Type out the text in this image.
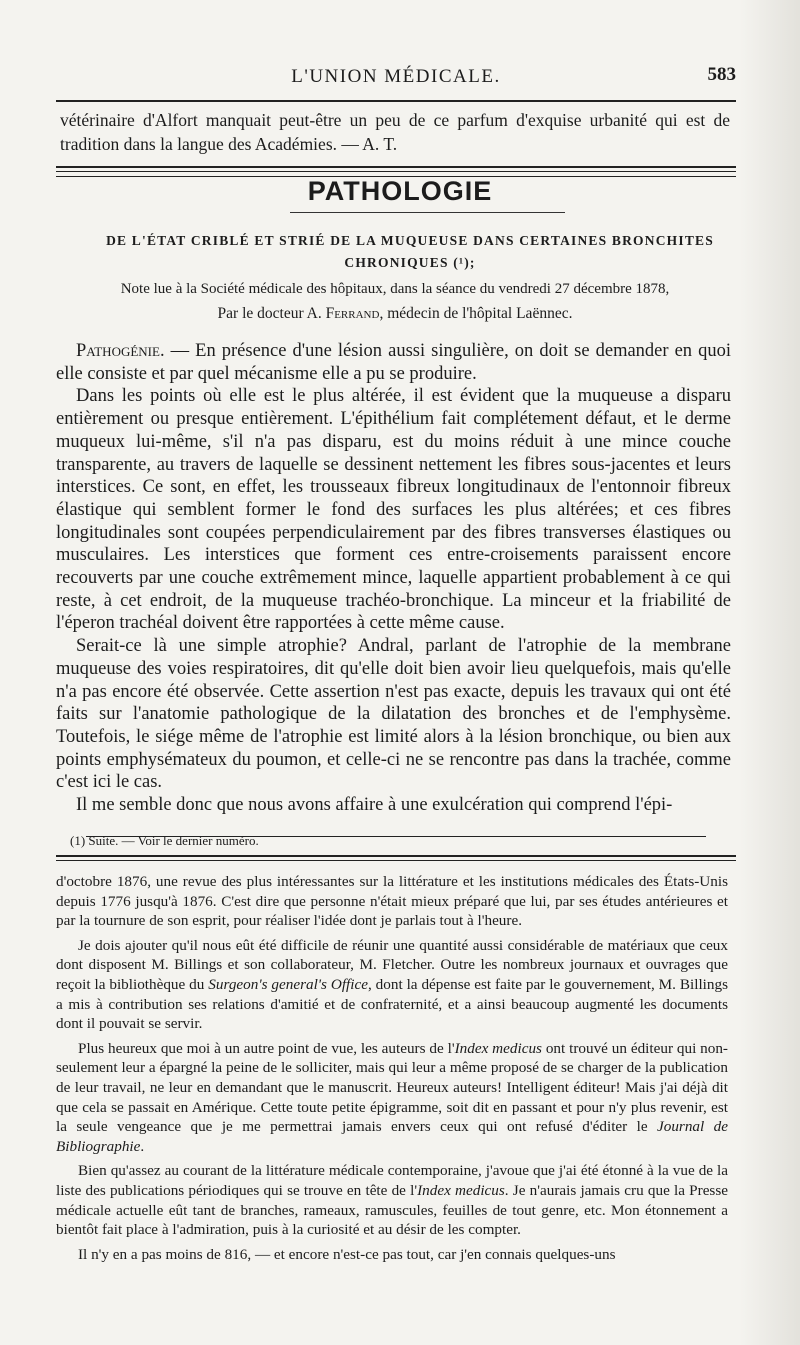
L'UNION MÉDICALE.	583
vétérinaire d'Alfort manquait peut-être un peu de ce parfum d'exquise urbanité qui est de tradition dans la langue des Académies. — A. T.
PATHOLOGIE
DE L'ÉTAT CRIBLÉ ET STRIÉ DE LA MUQUEUSE DANS CERTAINES BRONCHITES CHRONIQUES (¹);
Note lue à la Société médicale des hôpitaux, dans la séance du vendredi 27 décembre 1878,
Par le docteur A. Ferrand, médecin de l'hôpital Laënnec.

Pathogénie. — En présence d'une lésion aussi singulière, on doit se demander en quoi elle consiste et par quel mécanisme elle a pu se produire.

Dans les points où elle est le plus altérée, il est évident que la muqueuse a disparu entièrement ou presque entièrement. L'épithélium fait complétement défaut, et le derme muqueux lui-même, s'il n'a pas disparu, est du moins réduit à une mince couche transparente, au travers de laquelle se dessinent nettement les fibres sous-jacentes et leurs interstices. Ce sont, en effet, les trousseaux fibreux longitudinaux de l'entonnoir fibreux élastique qui semblent former le fond des surfaces les plus altérées; et ces fibres longitudinales sont coupées perpendiculairement par des fibres transverses élastiques ou musculaires. Les interstices que forment ces entre-croisements paraissent encore recouverts par une couche extrêmement mince, laquelle appartient probablement à ce qui reste, à cet endroit, de la muqueuse trachéo-bronchique. La minceur et la friabilité de l'éperon trachéal doivent être rapportées à cette même cause.

Serait-ce là une simple atrophie? Andral, parlant de l'atrophie de la membrane muqueuse des voies respiratoires, dit qu'elle doit bien avoir lieu quelquefois, mais qu'elle n'a pas encore été observée. Cette assertion n'est pas exacte, depuis les travaux qui ont été faits sur l'anatomie pathologique de la dilatation des bronches et de l'emphysème. Toutefois, le siége même de l'atrophie est limité alors à la lésion bronchique, ou bien aux points emphysémateux du poumon, et celle-ci ne se rencontre pas dans la trachée, comme c'est ici le cas.

Il me semble donc que nous avons affaire à une exulcération qui comprend l'épi-

(1) Suite. — Voir le dernier numéro.

d'octobre 1876, une revue des plus intéressantes sur la littérature et les institutions médicales des États-Unis depuis 1776 jusqu'à 1876. C'est dire que personne n'était mieux préparé que lui, par ses études antérieures et par la tournure de son esprit, pour réaliser l'idée dont je parlais tout à l'heure.

Je dois ajouter qu'il nous eût été difficile de réunir une quantité aussi considérable de matériaux que ceux dont disposent M. Billings et son collaborateur, M. Fletcher. Outre les nombreux journaux et ouvrages que reçoit la bibliothèque du Surgeon's general's Office, dont la dépense est faite par le gouvernement, M. Billings a mis à contribution ses relations d'amitié et de confraternité, et a ainsi beaucoup augmenté les documents dont il pouvait se servir.

Plus heureux que moi à un autre point de vue, les auteurs de l'Index medicus ont trouvé un éditeur qui non-seulement leur a épargné la peine de le solliciter, mais qui leur a même proposé de se charger de la publication de leur travail, ne leur en demandant que le manuscrit. Heureux auteurs! Intelligent éditeur! Mais j'ai déjà dit que cela se passait en Amérique. Cette toute petite épigramme, soit dit en passant et pour n'y plus revenir, est la seule vengeance que je me permettrai jamais envers ceux qui ont refusé d'éditer le Journal de Bibliographie.

Bien qu'assez au courant de la littérature médicale contemporaine, j'avoue que j'ai été étonné à la vue de la liste des publications périodiques qui se trouve en tête de l'Index medicus. Je n'aurais jamais cru que la Presse médicale actuelle eût tant de branches, rameaux, ramuscules, feuilles de tout genre, etc. Mon étonnement a bientôt fait place à l'admiration, puis à la curiosité et au désir de les compter.

Il n'y en a pas moins de 816, — et encore n'est-ce pas tout, car j'en connais quelques-uns
